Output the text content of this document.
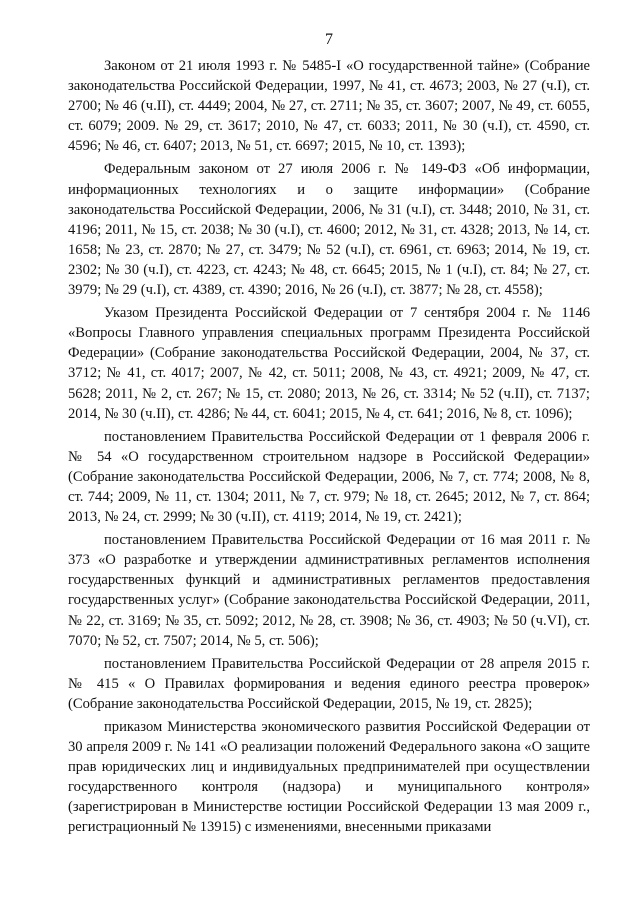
7

Законом от 21 июля 1993 г. № 5485-I «О государственной тайне» (Собрание законодательства Российской Федерации, 1997, № 41, ст. 4673; 2003, № 27 (ч.I), ст. 2700; № 46 (ч.II), ст. 4449; 2004, № 27, ст. 2711; № 35, ст. 3607; 2007, № 49, ст. 6055, ст. 6079; 2009. № 29, ст. 3617; 2010, № 47, ст. 6033; 2011, № 30 (ч.I), ст. 4590, ст. 4596; № 46, ст. 6407; 2013, № 51, ст. 6697; 2015, № 10, ст. 1393);

Федеральным законом от 27 июля 2006 г. № 149-ФЗ «Об информации, информационных технологиях и о защите информации» (Собрание законодательства Российской Федерации, 2006, № 31 (ч.I), ст. 3448; 2010, № 31, ст. 4196; 2011, № 15, ст. 2038; № 30 (ч.I), ст. 4600; 2012, № 31, ст. 4328; 2013, № 14, ст. 1658; № 23, ст. 2870; № 27, ст. 3479; № 52 (ч.I), ст. 6961, ст. 6963; 2014, № 19, ст. 2302; № 30 (ч.I), ст. 4223, ст. 4243; № 48, ст. 6645; 2015, № 1 (ч.I), ст. 84; № 27, ст. 3979; № 29 (ч.I), ст. 4389, ст. 4390; 2016, № 26 (ч.I), ст. 3877; № 28, ст. 4558);

Указом Президента Российской Федерации от 7 сентября 2004 г. № 1146 «Вопросы Главного управления специальных программ Президента Российской Федерации» (Собрание законодательства Российской Федерации, 2004, № 37, ст. 3712; № 41, ст. 4017; 2007, № 42, ст. 5011; 2008, № 43, ст. 4921; 2009, № 47, ст. 5628; 2011, № 2, ст. 267; № 15, ст. 2080; 2013, № 26, ст. 3314; № 52 (ч.II), ст. 7137; 2014, № 30 (ч.II), ст. 4286; № 44, ст. 6041; 2015, № 4, ст. 641; 2016, № 8, ст. 1096);

постановлением Правительства Российской Федерации от 1 февраля 2006 г. № 54 «О государственном строительном надзоре в Российской Федерации» (Собрание законодательства Российской Федерации, 2006, № 7, ст. 774; 2008, № 8, ст. 744; 2009, № 11, ст. 1304; 2011, № 7, ст. 979; № 18, ст. 2645; 2012, № 7, ст. 864; 2013, № 24, ст. 2999; № 30 (ч.II), ст. 4119; 2014, № 19, ст. 2421);

постановлением Правительства Российской Федерации от 16 мая 2011 г. № 373 «О разработке и утверждении административных регламентов исполнения государственных функций и административных регламентов предоставления государственных услуг» (Собрание законодательства Российской Федерации, 2011, № 22, ст. 3169; № 35, ст. 5092; 2012, № 28, ст. 3908; № 36, ст. 4903; № 50 (ч.VI), ст. 7070; № 52, ст. 7507; 2014, № 5, ст. 506);

постановлением Правительства Российской Федерации от 28 апреля 2015 г. № 415 « О Правилах формирования и ведения единого реестра проверок» (Собрание законодательства Российской Федерации, 2015, № 19, ст. 2825);

приказом Министерства экономического развития Российской Федерации от 30 апреля 2009 г. № 141 «О реализации положений Федерального закона «О защите прав юридических лиц и индивидуальных предпринимателей при осуществлении государственного контроля (надзора) и муниципального контроля» (зарегистрирован в Министерстве юстиции Российской Федерации 13 мая 2009 г., регистрационный № 13915) с изменениями, внесенными приказами
